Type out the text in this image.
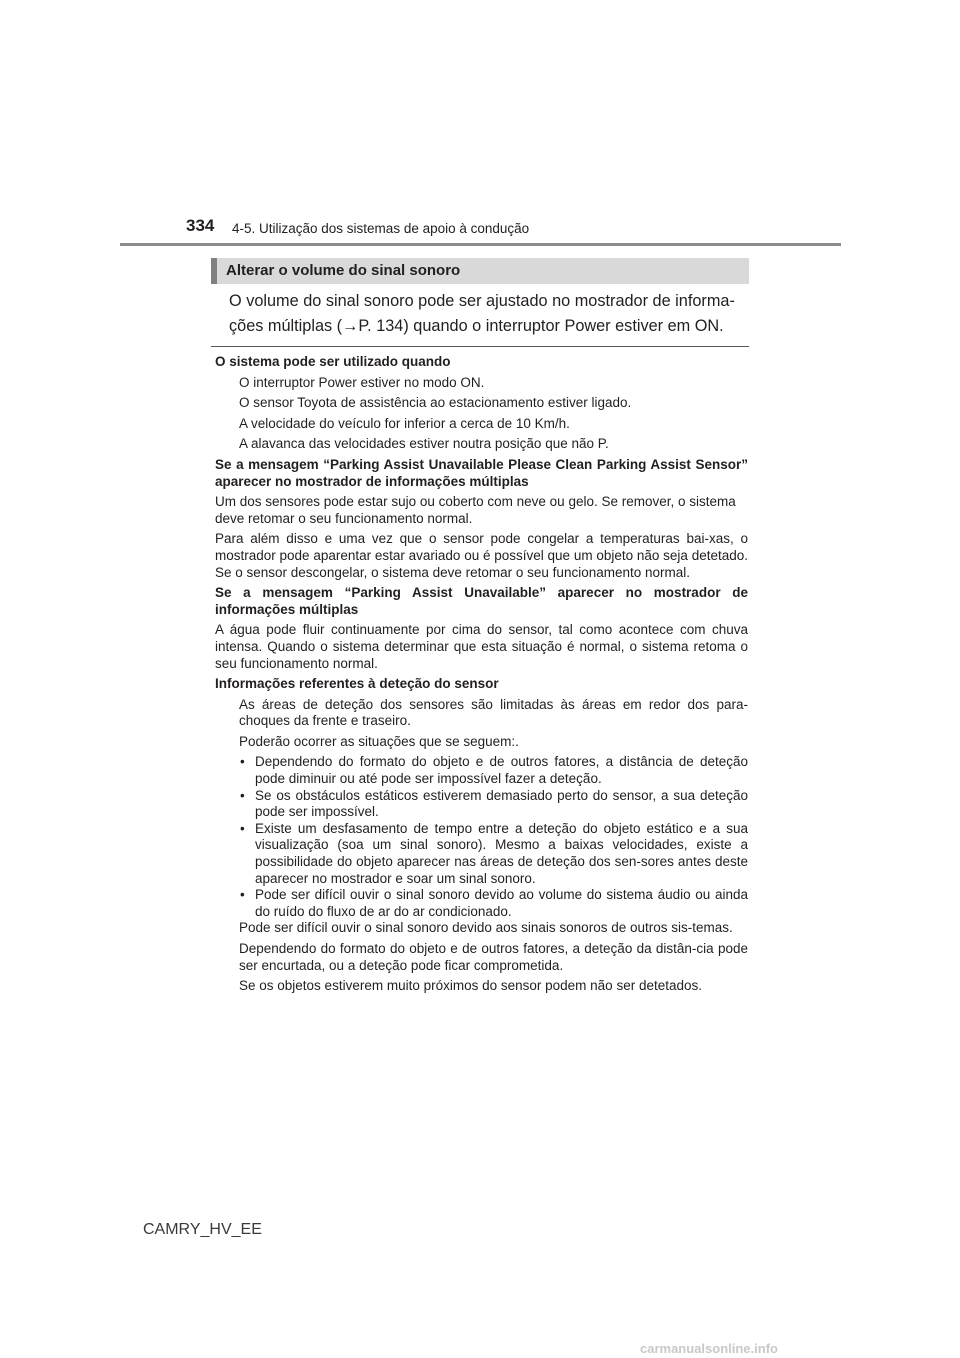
334 4-5. Utilização dos sistemas de apoio à condução
Alterar o volume do sinal sonoro

O volume do sinal sonoro pode ser ajustado no mostrador de informa-

ções múltiplas (→P. 134) quando o interruptor Power estiver em ON.

O sistema pode ser utilizado quando

O interruptor Power estiver no modo ON.

O sensor Toyota de assistência ao estacionamento estiver ligado.

A velocidade do veículo for inferior a cerca de 10 Km/h.

A alavanca das velocidades estiver noutra posição que não P.

Se a mensagem “Parking Assist Unavailable Please Clean Parking Assist Sensor” aparecer no mostrador de informações múltiplas

Um dos sensores pode estar sujo ou coberto com neve ou gelo. Se remover, o sistema deve retomar o seu funcionamento normal.

Para além disso e uma vez que o sensor pode congelar a temperaturas bai-xas, o mostrador pode aparentar estar avariado ou é possível que um objeto não seja detetado. Se o sensor descongelar, o sistema deve retomar o seu funcionamento normal.

Se a mensagem “Parking Assist Unavailable” aparecer no mostrador de informações múltiplas

A água pode fluir continuamente por cima do sensor, tal como acontece com chuva intensa. Quando o sistema determinar que esta situação é normal, o sistema retoma o seu funcionamento normal.

Informações referentes à deteção do sensor

As áreas de deteção dos sensores são limitadas às áreas em redor dos para-choques da frente e traseiro.

Poderão ocorrer as situações que se seguem:.

• Dependendo do formato do objeto e de outros fatores, a distância de deteção pode diminuir ou até pode ser impossível fazer a deteção.
• Se os obstáculos estáticos estiverem demasiado perto do sensor, a sua deteção pode ser impossível.
• Existe um desfasamento de tempo entre a deteção do objeto estático e a sua visualização (soa um sinal sonoro). Mesmo a baixas velocidades, existe a possibilidade do objeto aparecer nas áreas de deteção dos sen-sores antes deste aparecer no mostrador e soar um sinal sonoro.
• Pode ser difícil ouvir o sinal sonoro devido ao volume do sistema áudio ou ainda do ruído do fluxo de ar do ar condicionado.

Pode ser difícil ouvir o sinal sonoro devido aos sinais sonoros de outros sis-temas.

Dependendo do formato do objeto e de outros fatores, a deteção da distân-cia pode ser encurtada, ou a deteção pode ficar comprometida.

Se os objetos estiverem muito próximos do sensor podem não ser detetados.

CAMRY_HV_EE
carmanualsonline.info
